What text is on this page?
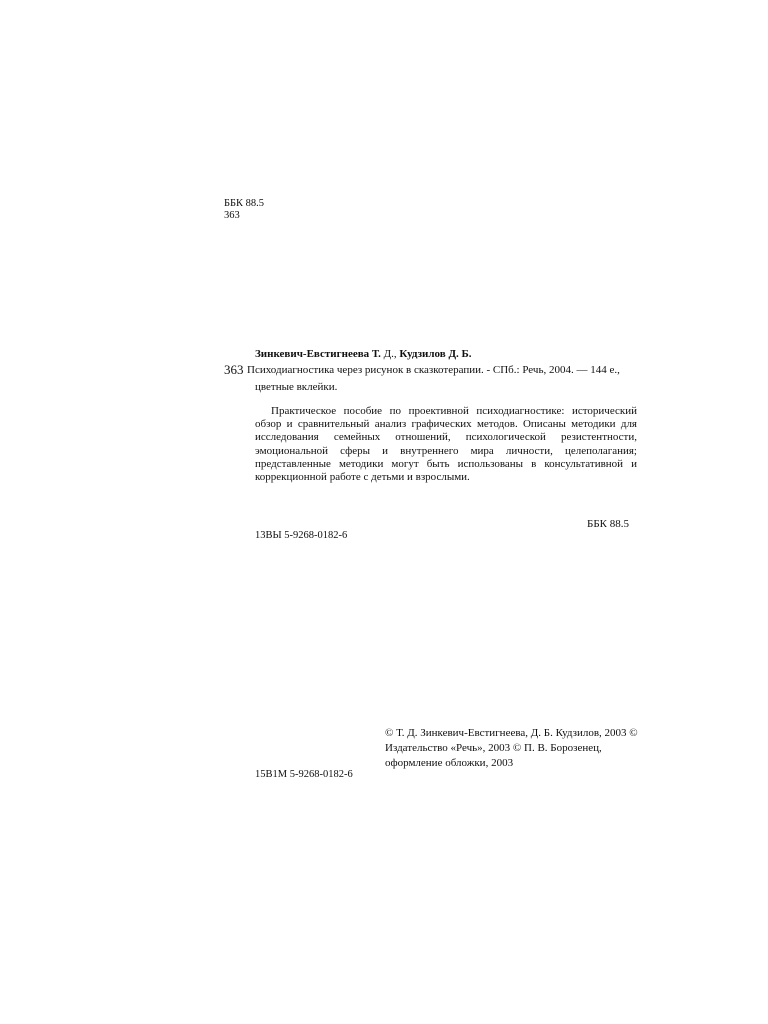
ББК 88.5
363
Зинкевич-Евстигнеева Т. Д., Кудзилов Д. Б.
363 Психодиагностика через рисунок в сказкотерапии. - СПб.: Речь, 2004. — 144 е.,
цветные вклейки.
Практическое пособие по проективной психодиагностике: исторический обзор и сравнительный анализ графических методов. Описаны методики для исследования семейных отношений, психологической резистентности, эмоциональной сферы и внутреннего мира личности, целеполагания; представленные методики могут быть использованы в консультативной и коррекционной работе с детьми и взрослыми.
ББК 88.5
13ВЫ 5-9268-0182-6
© Т. Д. Зинкевич-Евстигнеева, Д. Б. Кудзилов, 2003 ©
Издательство «Речь», 2003 © П. В. Борозенец,
оформление обложки, 2003
15В1М 5-9268-0182-6
